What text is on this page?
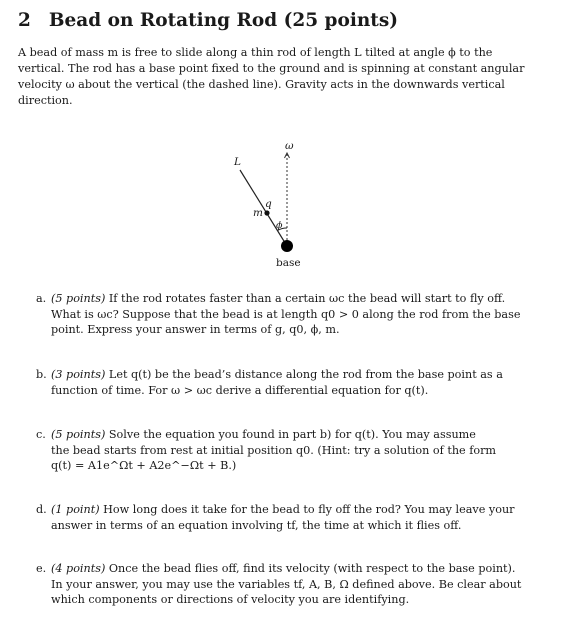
2 Bead on Rotating Rod (25 points)
A bead of mass m is free to slide along a thin rod of length L tilted at angle ϕ to the
vertical. The rod has a base point fixed to the ground and is spinning at constant angular
velocity ω about the vertical (the dashed line). Gravity acts in the downwards vertical
direction.
L
ω
m
q
ϕ
base
a. (5 points) If the rod rotates faster than a certain ωc the bead will start to fly off.
What is ωc? Suppose that the bead is at length q0 > 0 along the rod from the base
point. Express your answer in terms of g, q0, ϕ, m.
b. (3 points) Let q(t) be the bead’s distance along the rod from the base point as a
function of time. For ω > ωc derive a differential equation for q(t).
c. (5 points) Solve the equation you found in part b) for q(t). You may assume
the bead starts from rest at initial position q0. (Hint: try a solution of the form
q(t) = A1e^Ωt + A2e^−Ωt + B.)
d. (1 point) How long does it take for the bead to fly off the rod? You may leave your
answer in terms of an equation involving tf, the time at which it flies off.
e. (4 points) Once the bead flies off, find its velocity (with respect to the base point).
In your answer, you may use the variables tf, A, B, Ω defined above. Be clear about
which components or directions of velocity you are identifying.
